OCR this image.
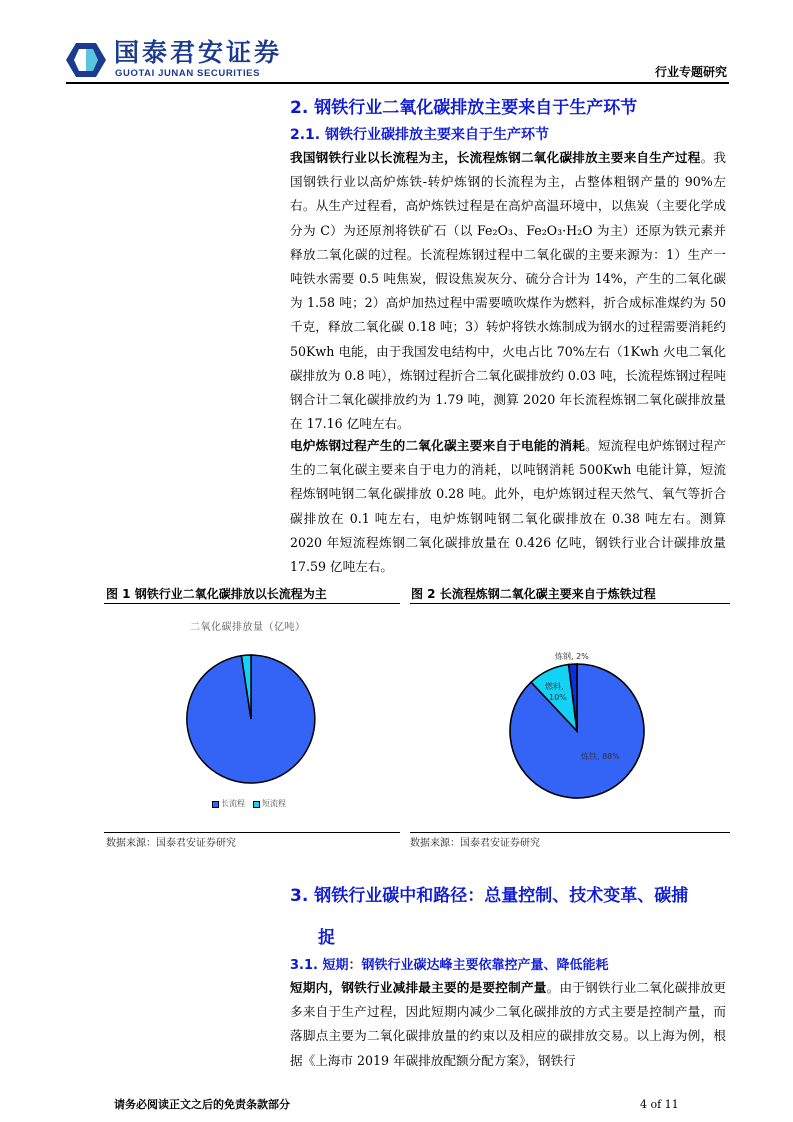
国泰君安证券
GUOTAI JUNAN SECURITIES	行业专题研究
2. 钢铁行业二氧化碳排放主要来自于生产环节
2.1. 钢铁行业碳排放主要来自于生产环节
我国钢铁行业以长流程为主，长流程炼钢二氧化碳排放主要来自生产过程。我国钢铁行业以高炉炼铁-转炉炼钢的长流程为主，占整体粗钢产量的 90%左右。从生产过程看，高炉炼铁过程是在高炉高温环境中，以焦炭（主要化学成分为 C）为还原剂将铁矿石（以 Fe₂O₃、Fe₂O₃·H₂O 为主）还原为铁元素并释放二氧化碳的过程。长流程炼钢过程中二氧化碳的主要来源为：1）生产一吨铁水需要 0.5 吨焦炭，假设焦炭灰分、硫分合计为 14%，产生的二氧化碳为 1.58 吨；2）高炉加热过程中需要喷吹煤作为燃料，折合成标准煤约为 50 千克，释放二氧化碳 0.18 吨；3）转炉将铁水炼制成为钢水的过程需要消耗约 50Kwh 电能，由于我国发电结构中，火电占比 70%左右（1Kwh 火电二氧化碳排放为 0.8 吨），炼钢过程折合二氧化碳排放约 0.03 吨，长流程炼钢过程吨钢合计二氧化碳排放约为 1.79 吨，测算 2020 年长流程炼钢二氧化碳排放量在 17.16 亿吨左右。
电炉炼钢过程产生的二氧化碳主要来自于电能的消耗。短流程电炉炼钢过程产生的二氧化碳主要来自于电力的消耗，以吨钢消耗 500Kwh 电能计算，短流程炼钢吨钢二氧化碳排放 0.28 吨。此外，电炉炼钢过程天然气、氧气等折合碳排放在 0.1 吨左右，电炉炼钢吨钢二氧化碳排放在 0.38 吨左右。测算 2020 年短流程炼钢二氧化碳排放量在 0.426 亿吨，钢铁行业合计碳排放量 17.59 亿吨左右。
图 1 钢铁行业二氧化碳排放以长流程为主
二氧化碳排放量（亿吨）
长流程	短流程
数据来源：国泰君安证券研究
图 2 长流程炼钢二氧化碳主要来自于炼铁过程
炼钢, 2%
燃料,
10%
炼铁, 88%
数据来源：国泰君安证券研究
3. 钢铁行业碳中和路径：总量控制、技术变革、碳捕
捉
3.1. 短期：钢铁行业碳达峰主要依靠控产量、降低能耗
短期内，钢铁行业减排最主要的是要控制产量。由于钢铁行业二氧化碳排放更多来自于生产过程，因此短期内减少二氧化碳排放的方式主要是控制产量，而落脚点主要为二氧化碳排放量的约束以及相应的碳排放交易。以上海为例，根据《上海市 2019 年碳排放配额分配方案》，钢铁行
请务必阅读正文之后的免责条款部分	4 of 11
